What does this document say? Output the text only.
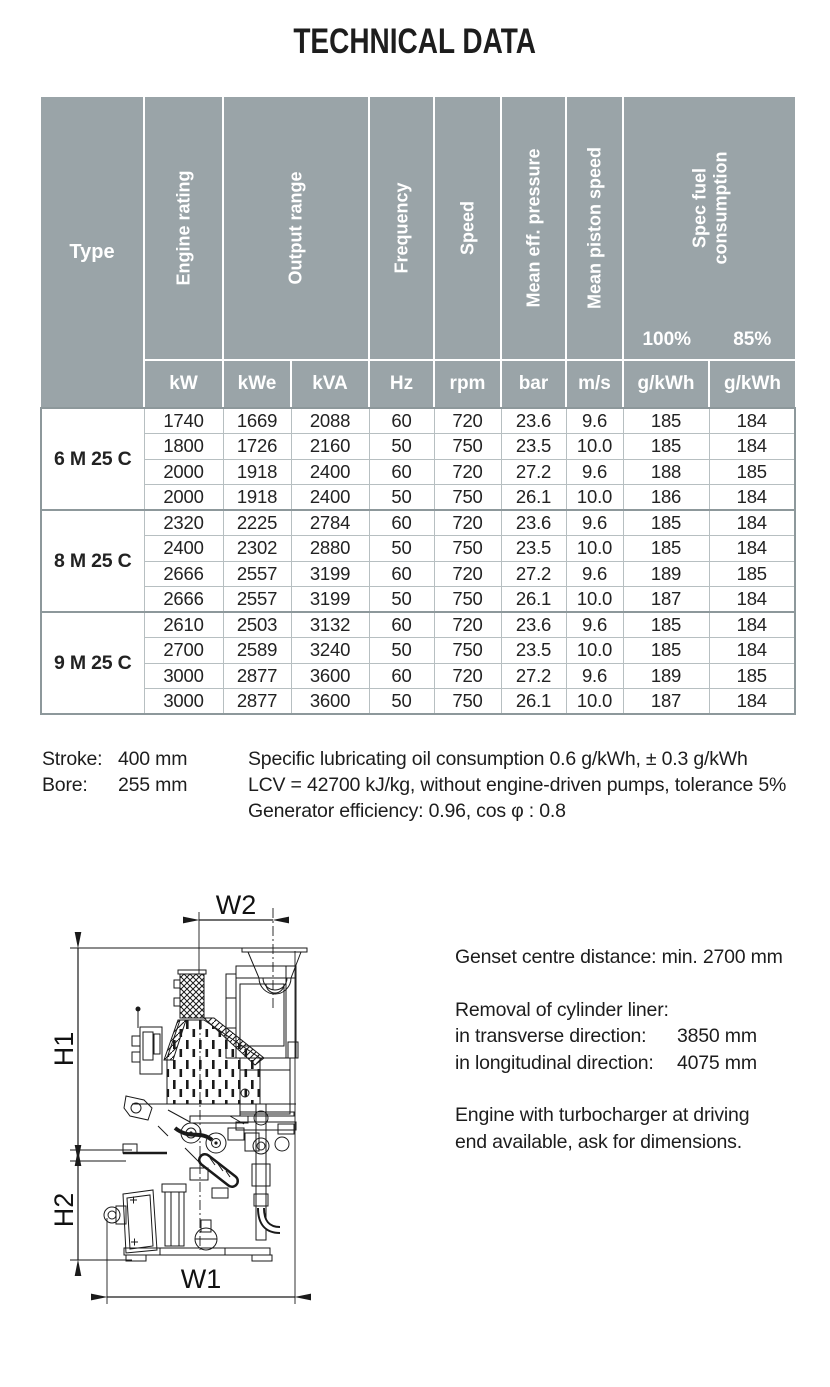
TECHNICAL DATA
Type	Engine rating	Output range		Frequency	Speed	Mean eff. pressure	Mean piston speed	Spec fuel
consumption
100% 85%	

	kW	kWe	kVA	Hz	rpm	bar	m/s	g/kWh	g/kWh
6 M 25 C	1740	1669	2088	60	720	23.6	9.6	185	184
	1800	1726	2160	50	750	23.5	10.0	185	184
	2000	1918	2400	60	720	27.2	9.6	188	185
	2000	1918	2400	50	750	26.1	10.0	186	184
8 M 25 C	2320	2225	2784	60	720	23.6	9.6	185	184
	2400	2302	2880	50	750	23.5	10.0	185	184
	2666	2557	3199	60	720	27.2	9.6	189	185
	2666	2557	3199	50	750	26.1	10.0	187	184
9 M 25 C	2610	2503	3132	60	720	23.6	9.6	185	184
	2700	2589	3240	50	750	23.5	10.0	185	184
	3000	2877	3600	60	720	27.2	9.6	189	185
	3000	2877	3600	50	750	26.1	10.0	187	184
Stroke: 400 mm
Bore: 255 mm
Specific lubricating oil consumption 0.6 g/kWh, ± 0.3 g/kWh
LCV = 42700 kJ/kg, without engine-driven pumps, tolerance 5%
Generator efficiency: 0.96, cos φ : 0.8
W2
W1
H1
H2
Genset centre distance: min. 2700 mm
Removal of cylinder liner:
in transverse direction: 3850 mm
in longitudinal direction: 4075 mm
Engine with turbocharger at driving
end available, ask for dimensions.
